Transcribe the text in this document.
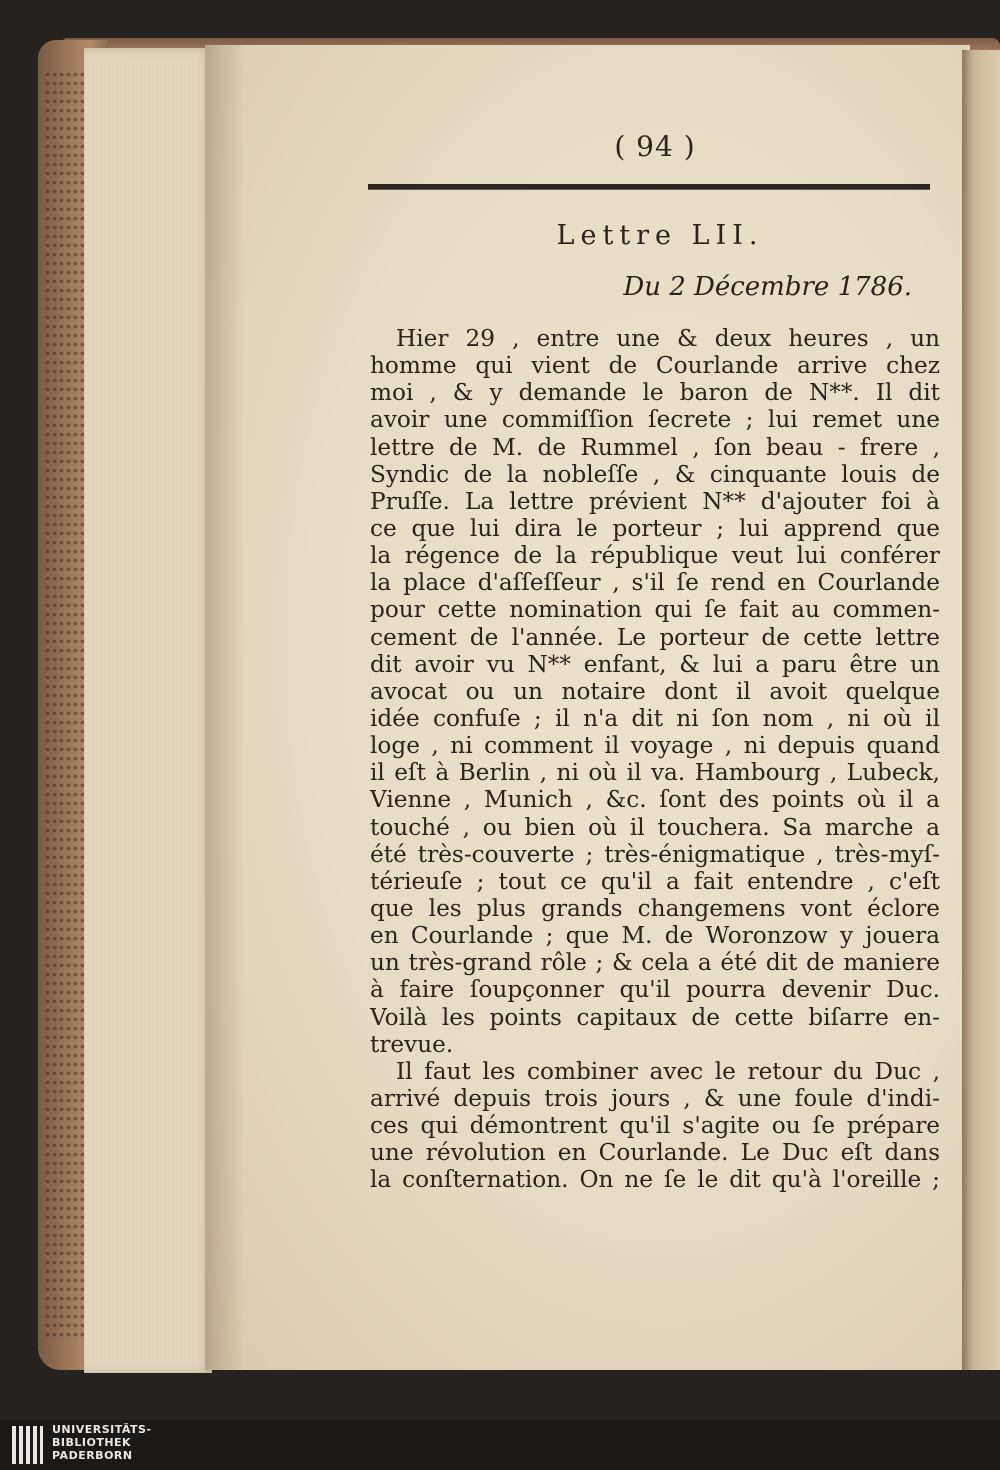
( 94 )
Lettre LII.
Du 2 Décembre 1786.
Hier 29 , entre une & deux heures , un
homme qui vient de Courlande arrive chez
moi , & y demande le baron de N**. Il dit
avoir une commiſſion ſecrete ; lui remet une
lettre de M. de Rummel , ſon beau - frere ,
Syndic de la nobleſſe , & cinquante louis de
Pruſſe. La lettre prévient N** d'ajouter foi à
ce que lui dira le porteur ; lui apprend que
la régence de la république veut lui conférer
la place d'aſſeſſeur , s'il ſe rend en Courlande
pour cette nomination qui ſe fait au commen-
cement de l'année. Le porteur de cette lettre
dit avoir vu N** enfant, & lui a paru être un
avocat ou un notaire dont il avoit quelque
idée confuſe ; il n'a dit ni ſon nom , ni où il
loge , ni comment il voyage , ni depuis quand
il eſt à Berlin , ni où il va. Hambourg , Lubeck,
Vienne , Munich , &c. ſont des points où il a
touché , ou bien où il touchera. Sa marche a
été très-couverte ; très-énigmatique , très-myſ-
térieuſe ; tout ce qu'il a fait entendre , c'eſt
que les plus grands changemens vont éclore
en Courlande ; que M. de Woronzow y jouera
un très-grand rôle ; & cela a été dit de maniere
à faire ſoupçonner qu'il pourra devenir Duc.
Voilà les points capitaux de cette biſarre en-
trevue.
Il faut les combiner avec le retour du Duc ,
arrivé depuis trois jours , & une foule d'indi-
ces qui démontrent qu'il s'agite ou ſe prépare
une révolution en Courlande. Le Duc eſt dans
la conſternation. On ne ſe le dit qu'à l'oreille ;
UNIVERSITÄTS-
BIBLIOTHEK
PADERBORN
